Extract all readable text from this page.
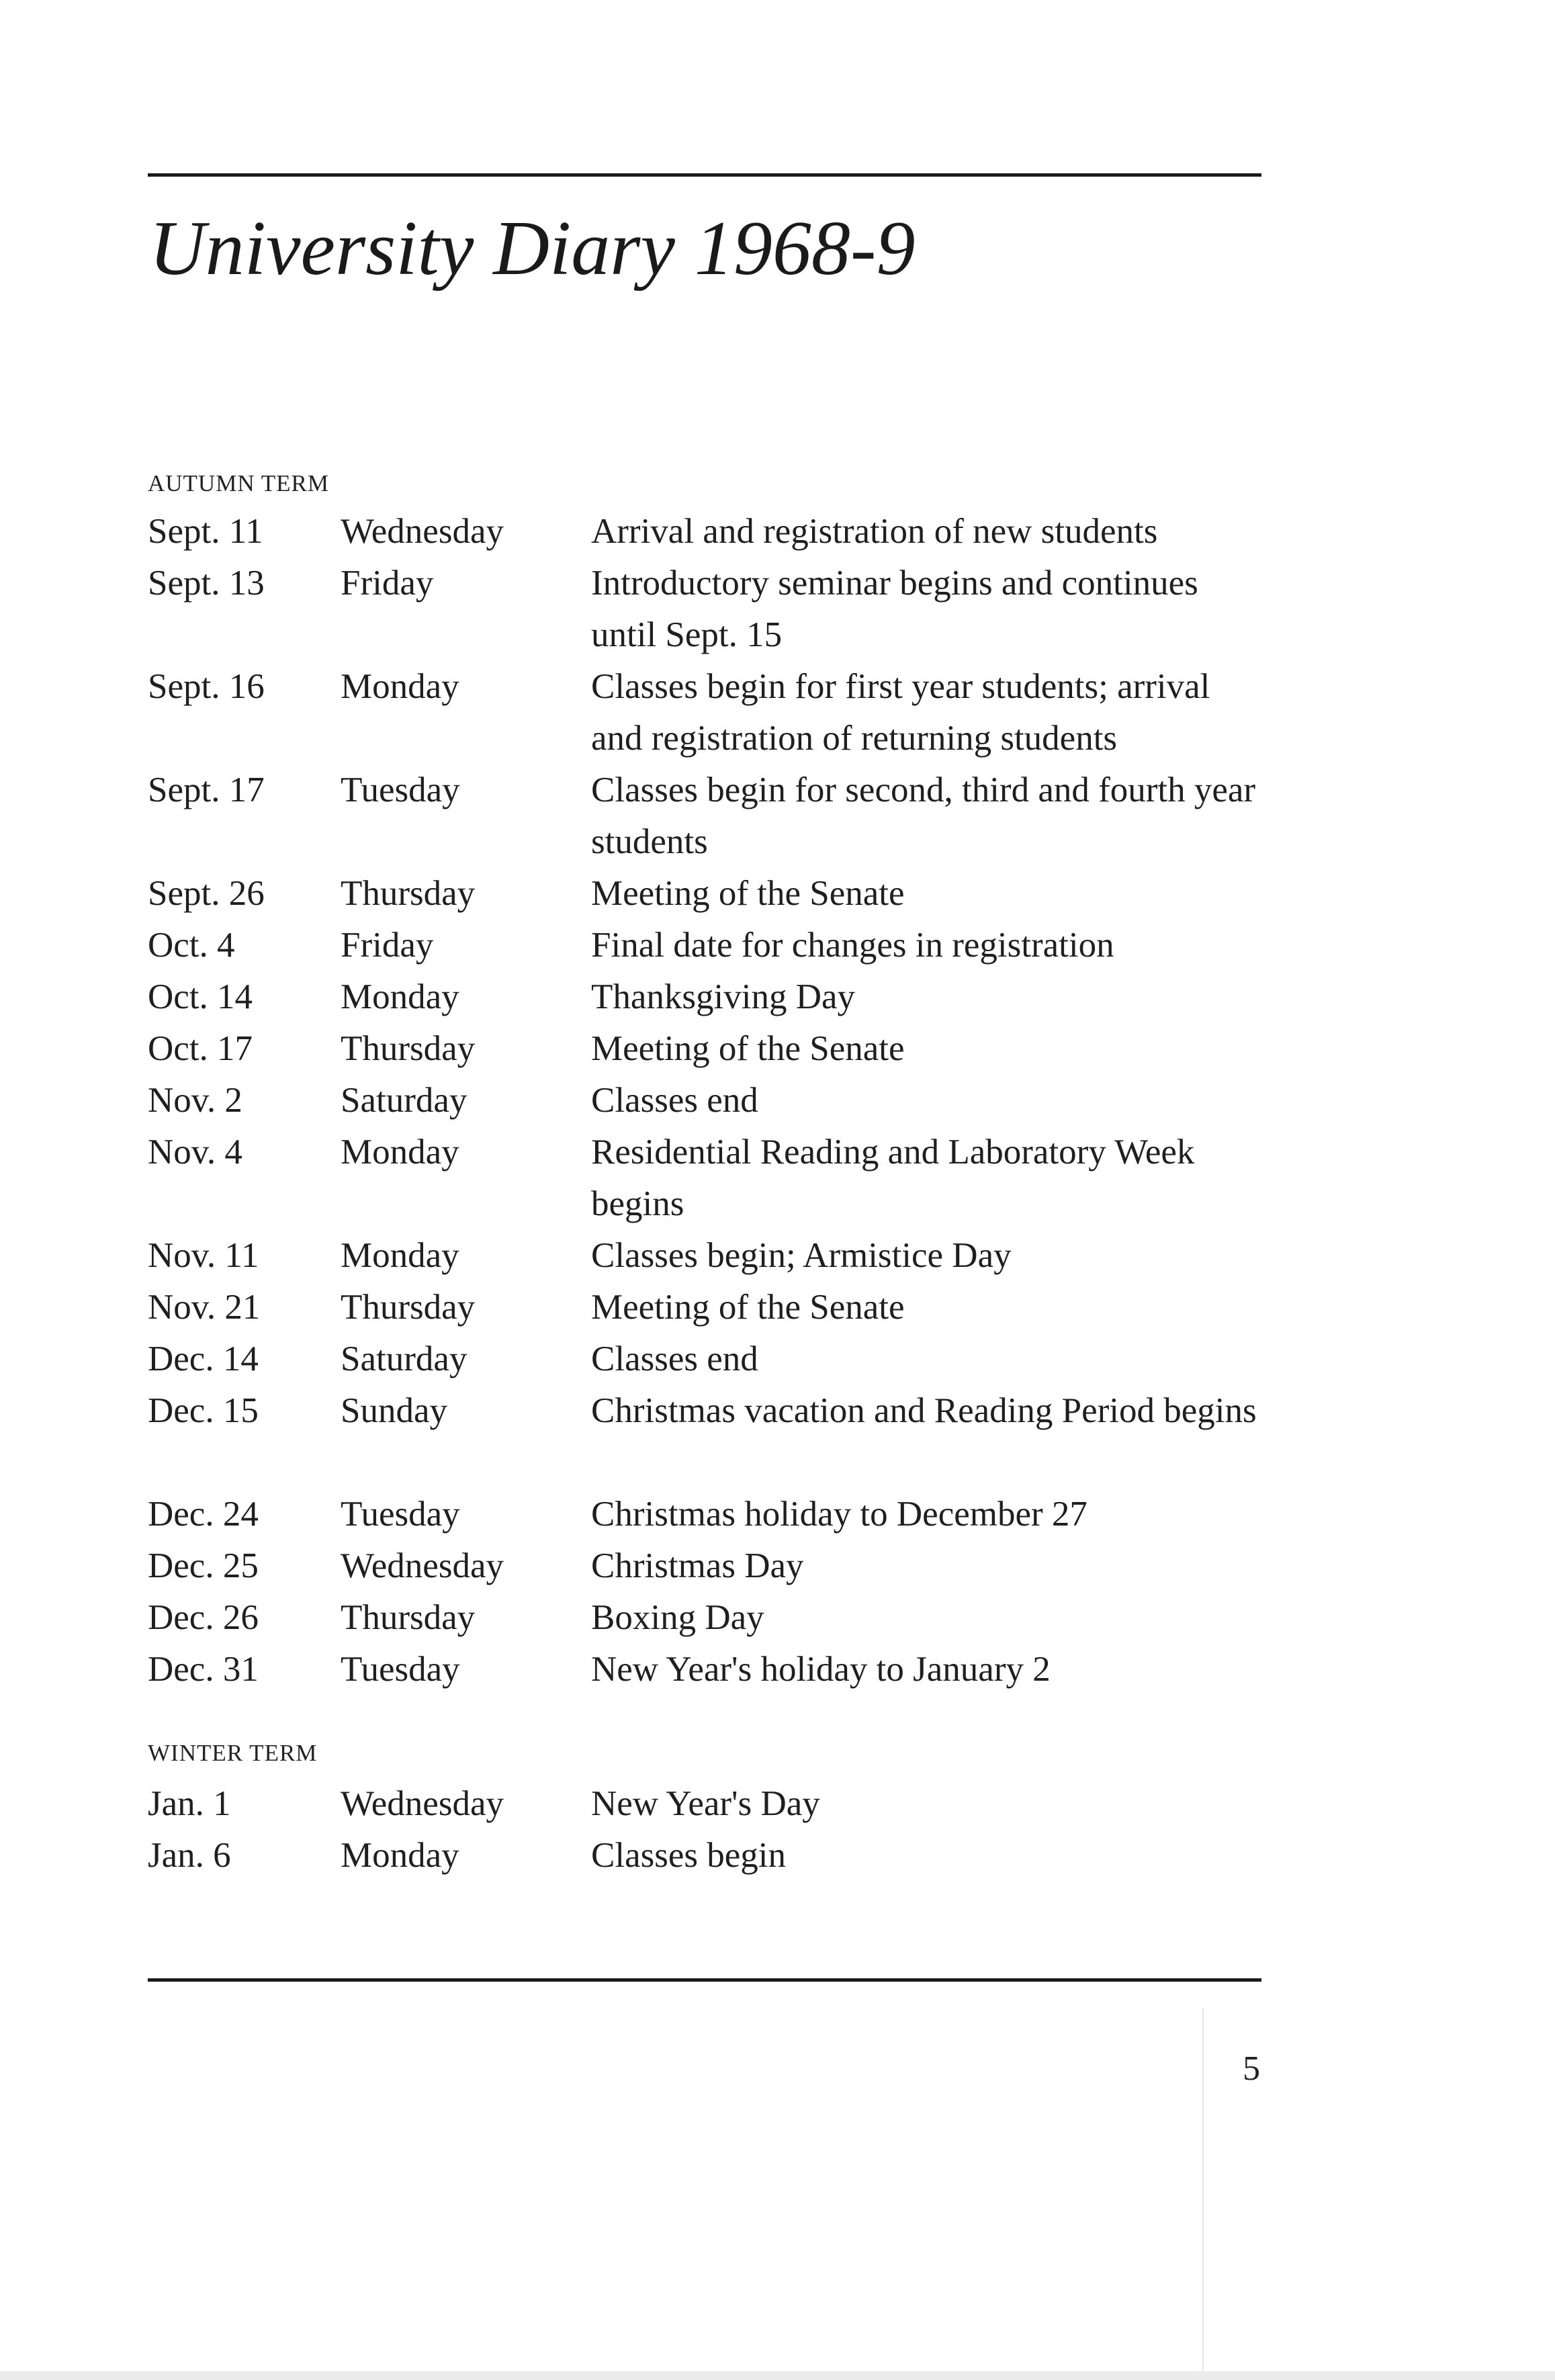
University Diary 1968-9
AUTUMN TERM
Sept. 11 Wednesday Arrival and registration of new students
Sept. 13 Friday	Introductory seminar begins and continues until Sept. 15
Sept. 16 Monday	Classes begin for first year students; arrival and registration of returning students
Sept. 17 Tuesday	Classes begin for second, third and fourth year students
Sept. 26 Thursday	Meeting of the Senate
Oct. 4	Friday	Final date for changes in registration
Oct. 14 Monday	Thanksgiving Day
Oct. 17 Thursday	Meeting of the Senate
Nov. 2	Saturday	Classes end
Nov. 4	Monday	Residential Reading and Laboratory Week begins
Nov. 11 Monday	Classes begin; Armistice Day
Nov. 21 Thursday	Meeting of the Senate
Dec. 14 Saturday	Classes end
Dec. 15 Sunday	Christmas vacation and Reading Period begins
Dec. 24 Tuesday	Christmas holiday to December 27
Dec. 25 Wednesday Christmas Day
Dec. 26 Thursday	Boxing Day
Dec. 31 Tuesday	New Year's holiday to January 2
WINTER TERM
Jan. 1	Wednesday New Year's Day
Jan. 6	Monday	Classes begin
5
